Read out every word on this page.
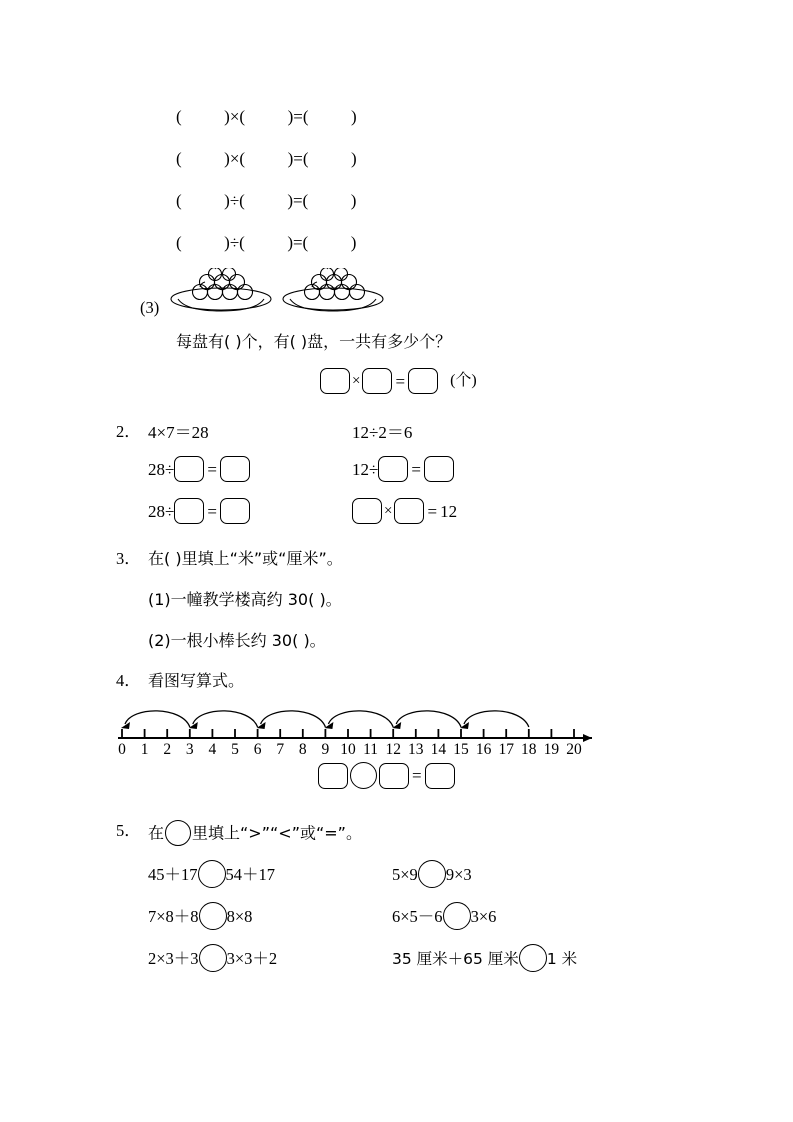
(          )×(          )=(          )
(          )×(          )=(          )
(          )÷(          )=(          )
(          )÷(          )=(          )
(3)
每盘有( )个，有( )盘，一共有多少个？
× =	(个)
2． 4×7＝28	12÷2＝6
28÷ =
28÷ =
12÷ =
× = 12
3． 在( )里填上“米”或“厘米”。
(1)一幢教学楼高约 30( )。
(2)一根小棒长约 30( )。
4． 看图写算式。
0 1 2 3 4 5 6 7 8 9 10 11 12 13 14 15 16 17 18 19 20
=
5． 在 里填上“>”“<”或“=”。
45＋17 54＋17
7×8＋8 8×8
2×3＋3 3×3＋2
5×9 9×3
6×5－6 3×6
35 厘米＋65 厘米 1 米
